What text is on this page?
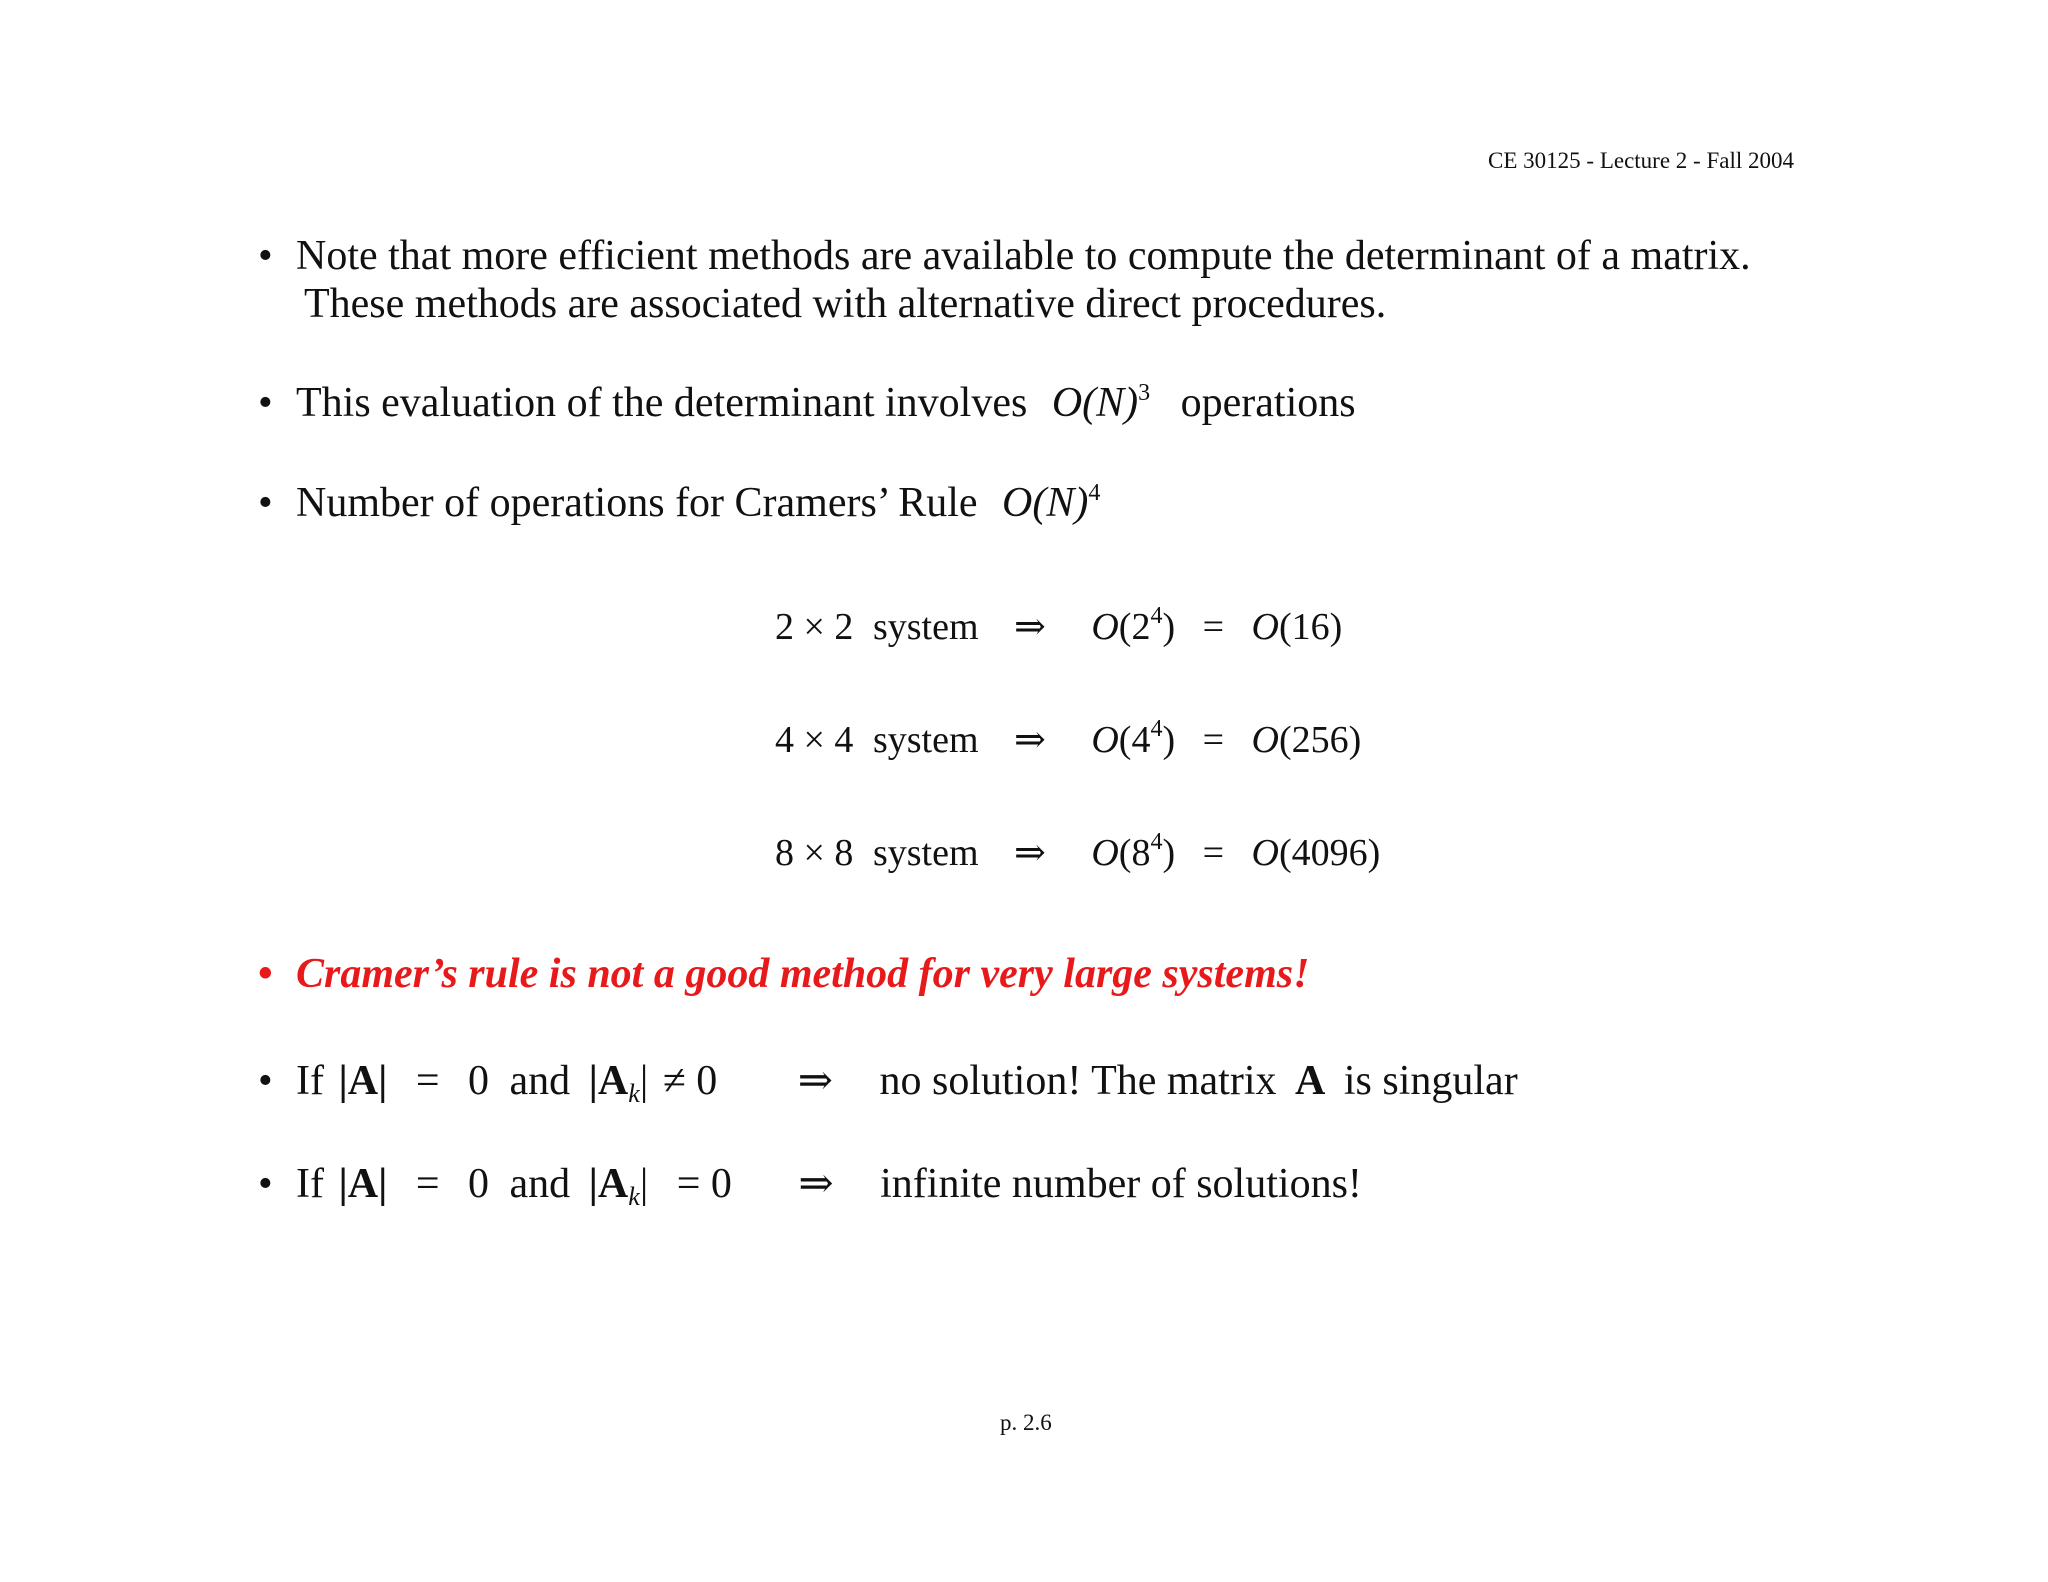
CE 30125 - Lecture 2 - Fall 2004
• Note that more efficient methods are available to compute the determinant of a matrix.
These methods are associated with alternative direct procedures.
• This evaluation of the determinant involves $O(N)^3$ operations
• Number of operations for Cramers’ Rule $O(N)^4$
2 × 2 system ⇒ $O(2^4) = O(16)$
4 × 4 system ⇒ $O(4^4) = O(256)$
8 × 8 system ⇒ $O(8^4) = O(4096)$
• Cramer’s rule is not a good method for very large systems!
• If |A| = 0 and $|A_k| \ne 0$ ⇒ no solution! The matrix A is singular
• If |A| = 0 and $|A_k| = 0$ ⇒ infinite number of solutions!
p. 2.6
